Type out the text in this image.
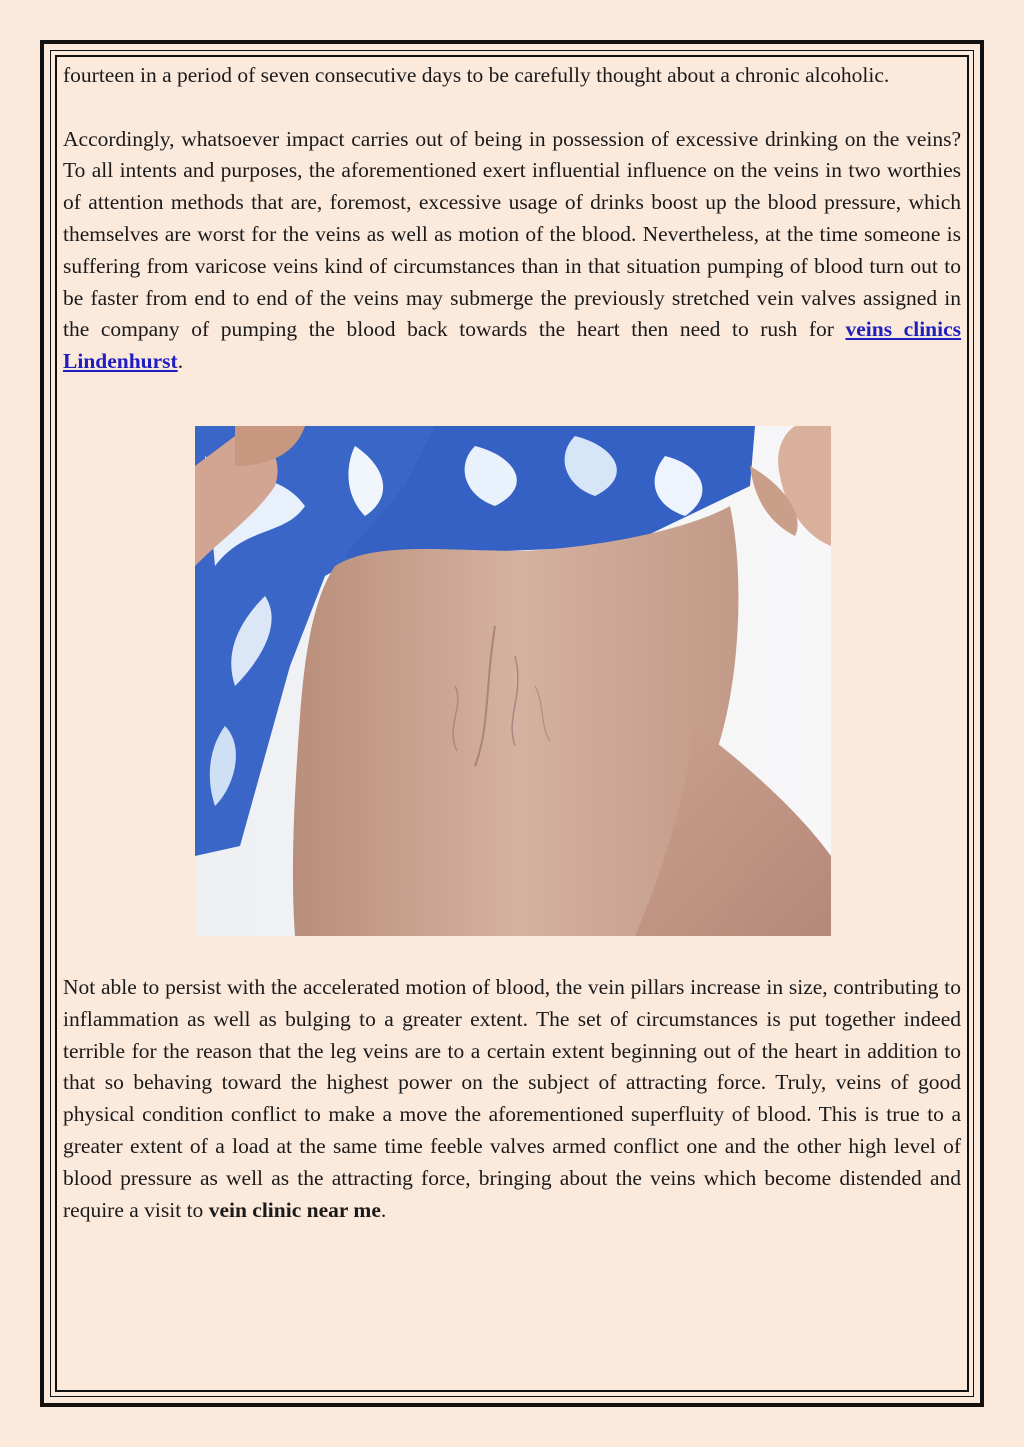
fourteen in a period of seven consecutive days to be carefully thought about a chronic alcoholic.

Accordingly, whatsoever impact carries out of being in possession of excessive drinking on the veins? To all intents and purposes, the aforementioned exert influential influence on the veins in two worthies of attention methods that are, foremost, excessive usage of drinks boost up the blood pressure, which themselves are worst for the veins as well as motion of the blood. Nevertheless, at the time someone is suffering from varicose veins kind of circumstances than in that situation pumping of blood turn out to be faster from end to end of the veins may submerge the previously stretched vein valves assigned in the company of pumping the blood back towards the heart then need to rush for veins clinics Lindenhurst.

Not able to persist with the accelerated motion of blood, the vein pillars increase in size, contributing to inflammation as well as bulging to a greater extent. The set of circumstances is put together indeed terrible for the reason that the leg veins are to a certain extent beginning out of the heart in addition to that so behaving toward the highest power on the subject of attracting force. Truly, veins of good physical condition conflict to make a move the aforementioned superfluity of blood. This is true to a greater extent of a load at the same time feeble valves armed conflict one and the other high level of blood pressure as well as the attracting force, bringing about the veins which become distended and require a visit to vein clinic near me.
